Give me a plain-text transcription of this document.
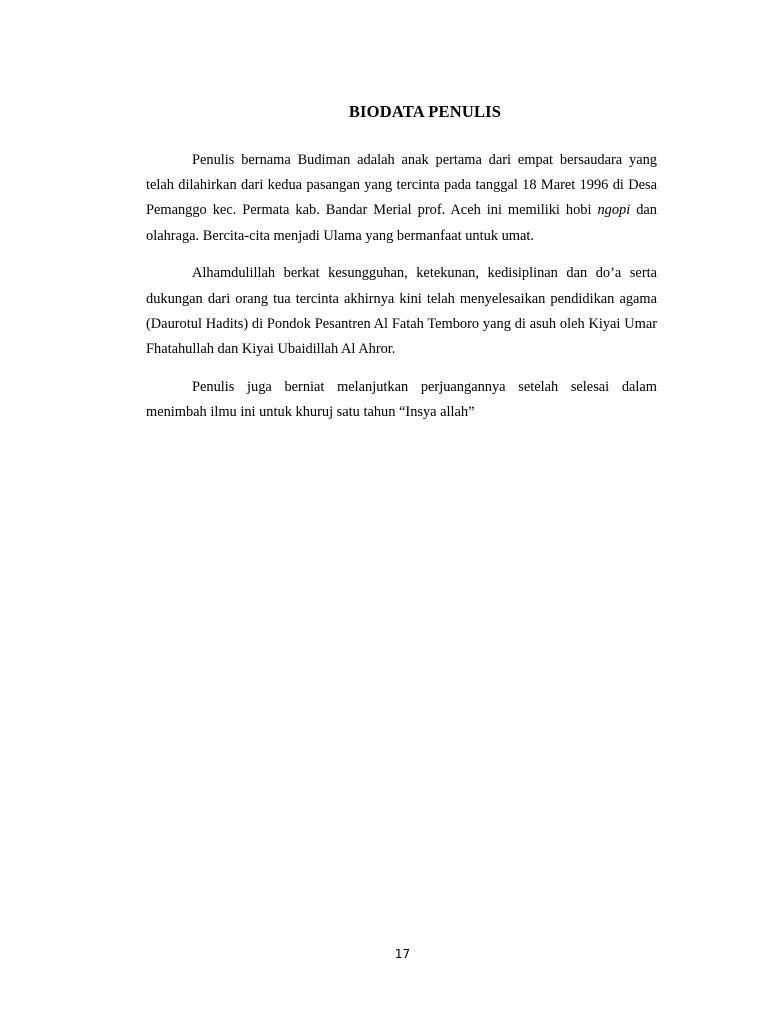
BIODATA PENULIS

Penulis bernama Budiman adalah anak pertama dari empat bersaudara yang telah dilahirkan dari kedua pasangan yang tercinta pada tanggal 18 Maret 1996 di Desa Pemanggo kec. Permata kab. Bandar Merial prof. Aceh ini memiliki hobi ngopi dan olahraga. Bercita-cita menjadi Ulama yang bermanfaat untuk umat.

Alhamdulillah berkat kesungguhan, ketekunan, kedisiplinan dan do’a serta dukungan dari orang tua tercinta akhirnya kini telah menyelesaikan pendidikan agama (Daurotul Hadits) di Pondok Pesantren Al Fatah Temboro yang di asuh oleh Kiyai Umar Fhatahullah dan Kiyai Ubaidillah Al Ahror.

Penulis juga berniat melanjutkan perjuangannya setelah selesai dalam menimbah ilmu ini untuk khuruj satu tahun “Insya allah”

17
